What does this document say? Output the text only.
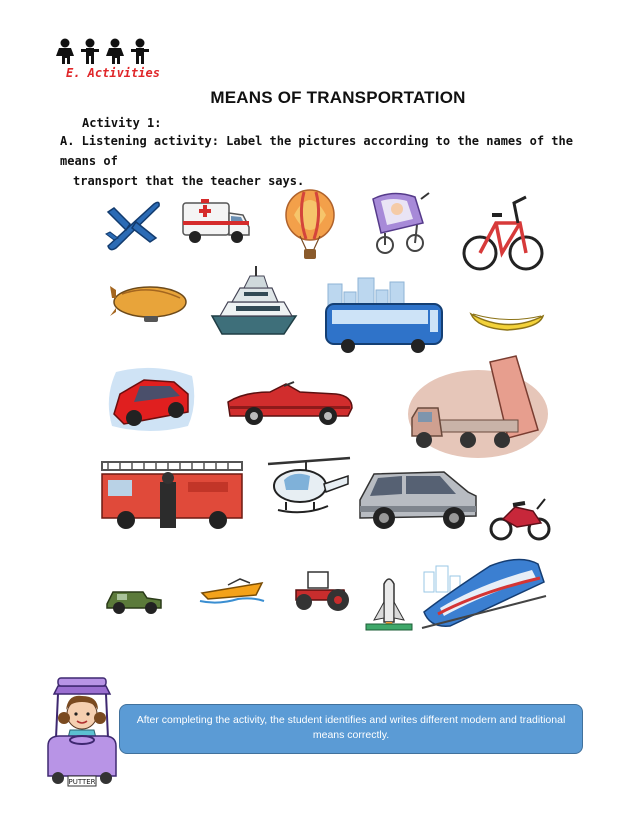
E. Activities
MEANS OF TRANSPORTATION
Activity 1:
A. Listening activity: Label the pictures according to the names of the means of
transport that the teacher says.
PUTTER
After completing the activity, the student identifies and writes different modern and traditional means correctly.
